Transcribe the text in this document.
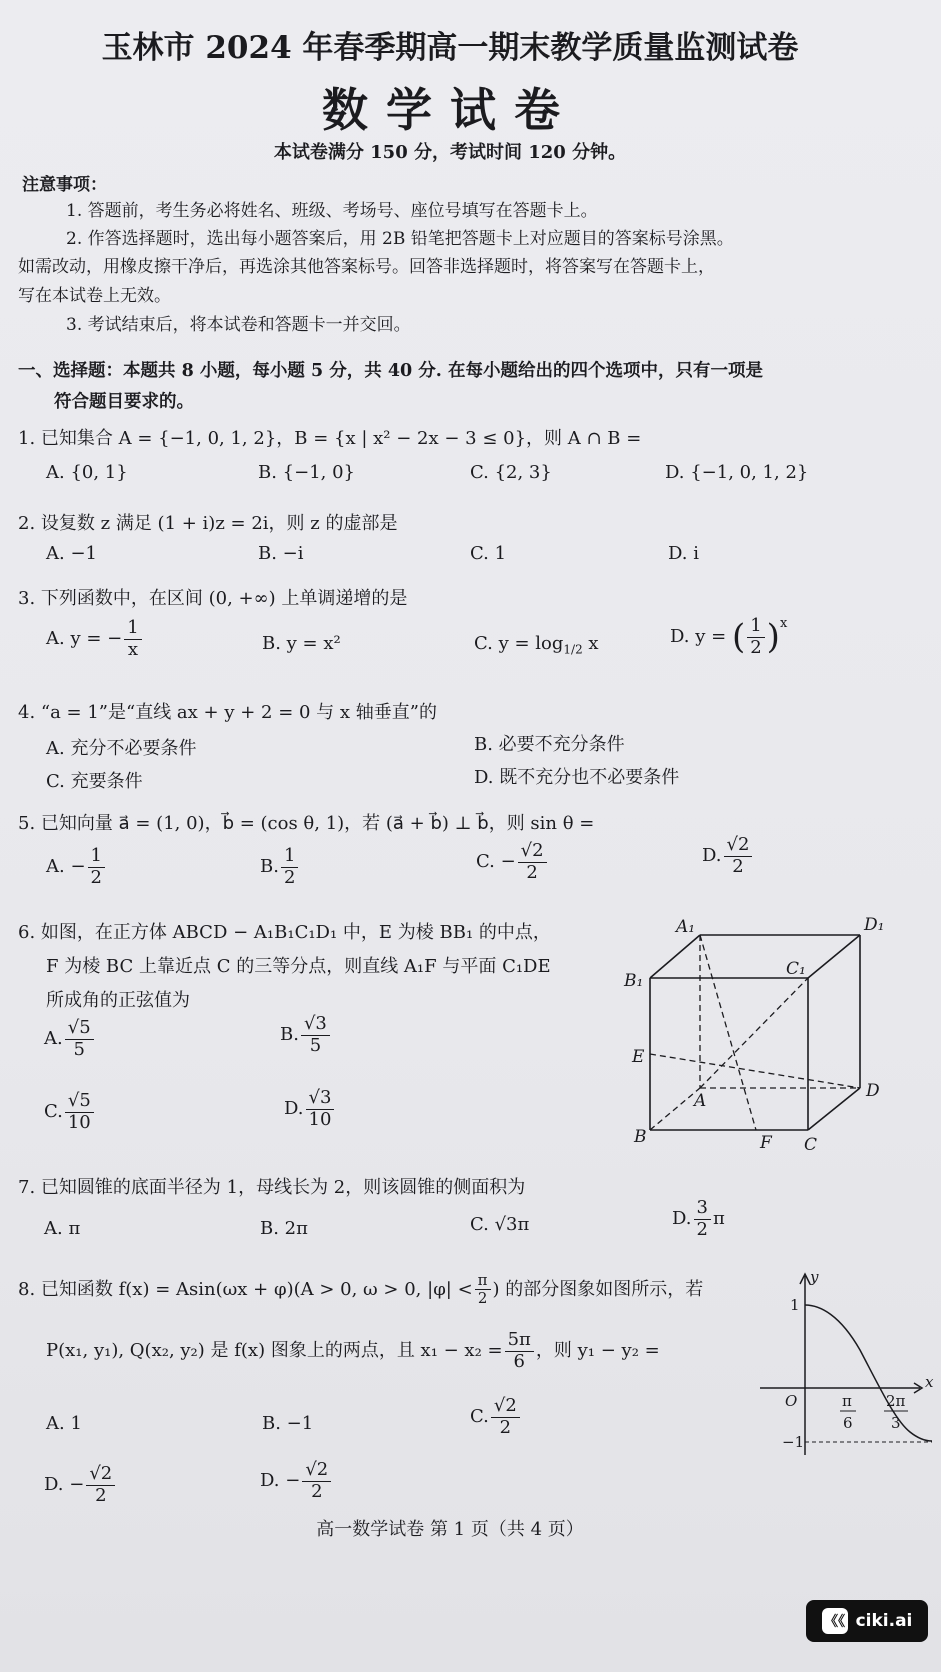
玉林市 2024 年春季期高一期末教学质量监测试卷
数学试卷
本试卷满分 150 分，考试时间 120 分钟。
注意事项：
1. 答题前，考生务必将姓名、班级、考场号、座位号填写在答题卡上。
2. 作答选择题时，选出每小题答案后，用 2B 铅笔把答题卡上对应题目的答案标号涂黑。
如需改动，用橡皮擦干净后，再选涂其他答案标号。回答非选择题时，将答案写在答题卡上，
写在本试卷上无效。
3. 考试结束后，将本试卷和答题卡一并交回。
一、选择题：本题共 8 小题，每小题 5 分，共 40 分. 在每小题给出的四个选项中，只有一项是
符合题目要求的。
1. 已知集合 A = {−1, 0, 1, 2}，B = {x | x² − 2x − 3 ≤ 0}，则 A ∩ B =
A. {0, 1}	B. {−1, 0}	C. {2, 3}	D. {−1, 0, 1, 2}
2. 设复数 z 满足 (1 + i)z = 2i，则 z 的虚部是
A. −1	B. −i	C. 1	D. i
3. 下列函数中，在区间 (0, +∞) 上单调递增的是
A. y = − $\frac{1}{x}$	B. y = x²	C. $y = \log_{1/2} x$	D. y = ( $\frac{1}{2} )^x$
4. “a = 1”是“直线 ax + y + 2 = 0 与 x 轴垂直”的
A. 充分不必要条件	B. 必要不充分条件
C. 充要条件	D. 既不充分也不必要条件
5. 已知向量 a⃗ = (1, 0)，b⃗ = (cos θ, 1)，若 (a⃗ + b⃗) ⊥ b⃗，则 sin θ =
A. − $\frac{1}{2}$	B. $\frac{1}{2}$	C. − $\frac{√2}{2}$	D. $\frac{√2}{2}$
6. 如图，在正方体 ABCD − A₁B₁C₁D₁ 中，E 为棱 BB₁ 的中点，
F 为棱 BC 上靠近点 C 的三等分点，则直线 A₁F 与平面 C₁DE
所成角的正弦值为
A. $\frac{√5}{5}$	B. $\frac{√3}{5}$
C. $\frac{√5}{10}$	D. $\frac{√3}{10}$
A₁	D₁
B₁
C₁
E
A	D
B	F C
7. 已知圆锥的底面半径为 1，母线长为 2，则该圆锥的侧面积为
A. π	B. 2π	C. √3π	D. $\frac{3}{2}$ π
8. 已知函数 f(x) = Asin(ωx + φ)(A > 0, ω > 0, $|\varphi| < \frac{\pi}{2}$ ) 的部分图象如图所示，若
P(x₁, y₁), Q(x₂, y₂) 是 f(x) 图象上的两点，且 $x_1 - x_2 = \frac{5\pi}{6}$ ，则 y₁ − y₂ =
A. 1	B. −1	C. $\frac{√2}{2}$
D. − $\frac{√2}{2}$	D. − $\frac{√2}{2}$
y
x
O
1
−1
π
6
2π
3
高一数学试卷 第 1 页（共 4 页）
《《 ciki.ai
